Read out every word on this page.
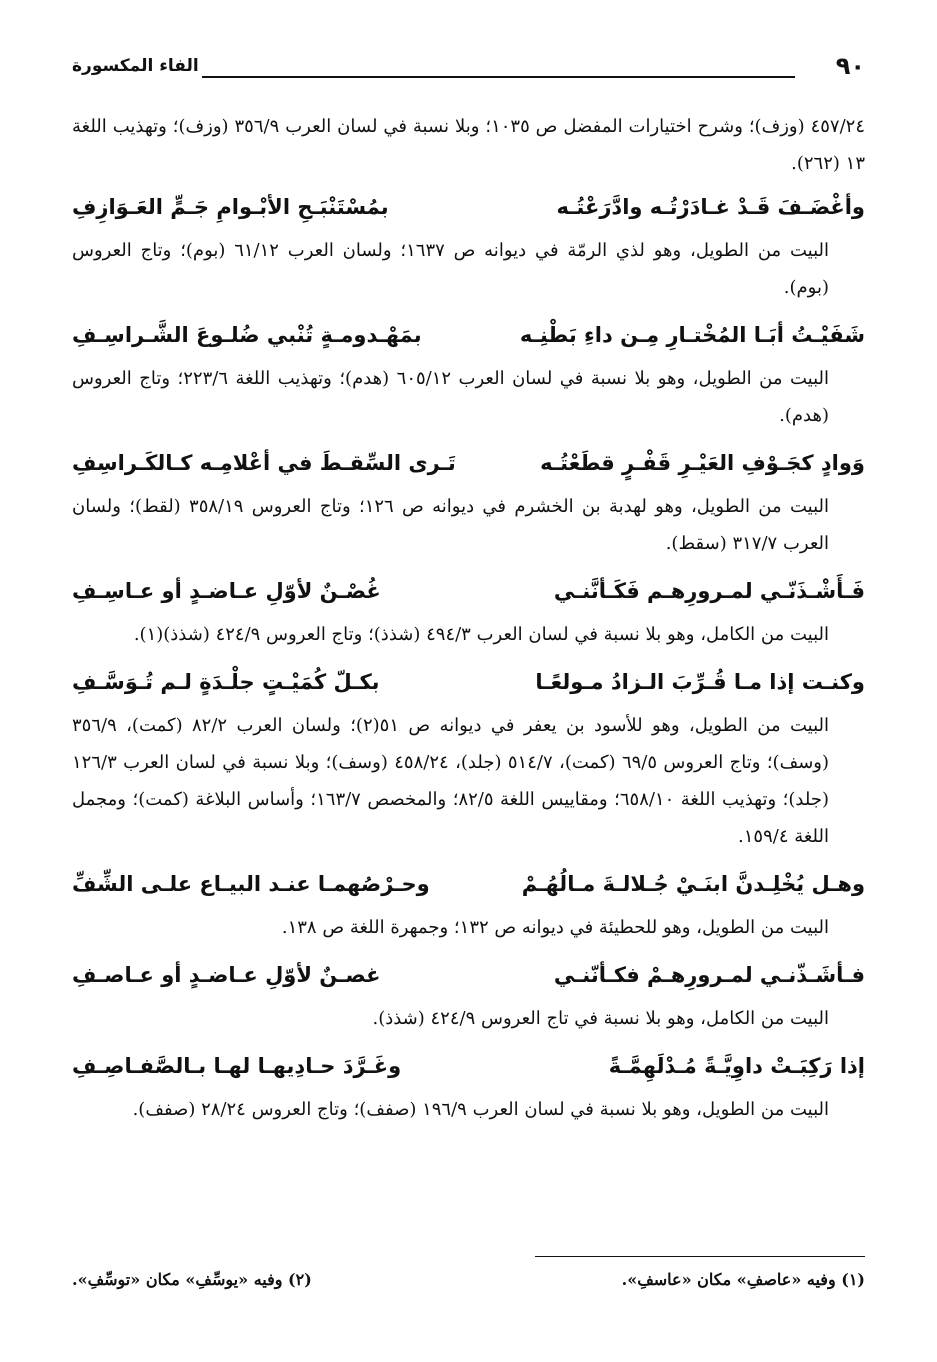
٩٠
الفاء المكسورة

٤٥٧/٢٤ (وزف)؛ وشرح اختيارات المفضل ص ١٠٣٥؛ وبلا نسبة في لسان العرب ٣٥٦/٩ (وزف)؛ وتهذيب اللغة ١٣ (٢٦٢).

وأغْضَـفَ قَـدْ غـادَرْتُـه وادَّرَعْتُـه
بمُسْتَنْبَـحِ الأبْـوامِ جَـمٍّ العَـوَازِفِ

البيت من الطويل، وهو لذي الرمّة في ديوانه ص ١٦٣٧؛ ولسان العرب ٦١/١٢ (بوم)؛ وتاج العروس (بوم).

شَفَيْـتُ أبَـا المُخْتـارِ مِـن داءِ بَطْنِـه
بمَهْـدومـةٍ تُنْبي ضُلـوعَ الشَّـراسِـفِ

البيت من الطويل، وهو بلا نسبة في لسان العرب ٦٠٥/١٢ (هدم)؛ وتهذيب اللغة ٢٢٣/٦؛ وتاج العروس (هدم).

وَوادٍ كجَـوْفِ العَيْـرِ قَفْـرٍ قطَعْتُـه
تَـرى السِّقـطَ في أعْلامِـه كـالكَـراسِفِ

البيت من الطويل، وهو لهدبة بن الخشرم في ديوانه ص ١٢٦؛ وتاج العروس ٣٥٨/١٩ (لقط)؛ ولسان العرب ٣١٧/٧ (سقط).

فَـأَشْـذَنّـي لمـرورِهـم فَكَـأنَّنـي
غُصْـنٌ لأوّلِ عـاضـدٍ أو عـاسِـفِ

البيت من الكامل، وهو بلا نسبة في لسان العرب ٤٩٤/٣ (شذذ)؛ وتاج العروس ٤٢٤/٩ (شذذ)(١).

وكنـت إذا مـا قُـرِّبَ الـزادُ مـولعًـا
بكـلّ كُمَيْـتٍ جلْـدَةٍ لـم تُـوَسَّـفِ

البيت من الطويل، وهو للأسود بن يعفر في ديوانه ص ٥١(٢)؛ ولسان العرب ٨٢/٢ (كمت)، ٣٥٦/٩ (وسف)؛ وتاج العروس ٦٩/٥ (كمت)، ٥١٤/٧ (جلد)، ٤٥٨/٢٤ (وسف)؛ وبلا نسبة في لسان العرب ١٢٦/٣ (جلد)؛ وتهذيب اللغة ٦٥٨/١٠؛ ومقاييس اللغة ٨٢/٥؛ والمخصص ١٦٣/٧؛ وأساس البلاغة (كمت)؛ ومجمل اللغة ١٥٩/٤.

وهـل يُخْلِـدنَّ ابنَـيْ جُـلالـةَ مـالُهُـمْ
وحـرْصُهمـا عنـد البيـاع علـى الشِّفِّ

البيت من الطويل، وهو للحطيئة في ديوانه ص ١٣٢؛ وجمهرة اللغة ص ١٣٨.

فـأشَـذّنـي لمـرورِهـمْ فكـأنّنـي
غصـنٌ لأوّلِ عـاضـدٍ أو عـاصـفِ

البيت من الكامل، وهو بلا نسبة في تاج العروس ٤٢٤/٩ (شذذ).

إذا رَكِبَـتْ داوِيَّـةً مُـدْلَهِمَّـةً
وغَـرَّدَ حـادِيهـا لهـا بـالصَّفـاصِـفِ

البيت من الطويل، وهو بلا نسبة في لسان العرب ١٩٦/٩ (صفف)؛ وتاج العروس ٢٨/٢٤ (صفف).

(١) وفيه «عاصفِ» مكان «عاسفِ».
(٢) وفيه «يوسِّفِ» مكان «توسِّفِ».
